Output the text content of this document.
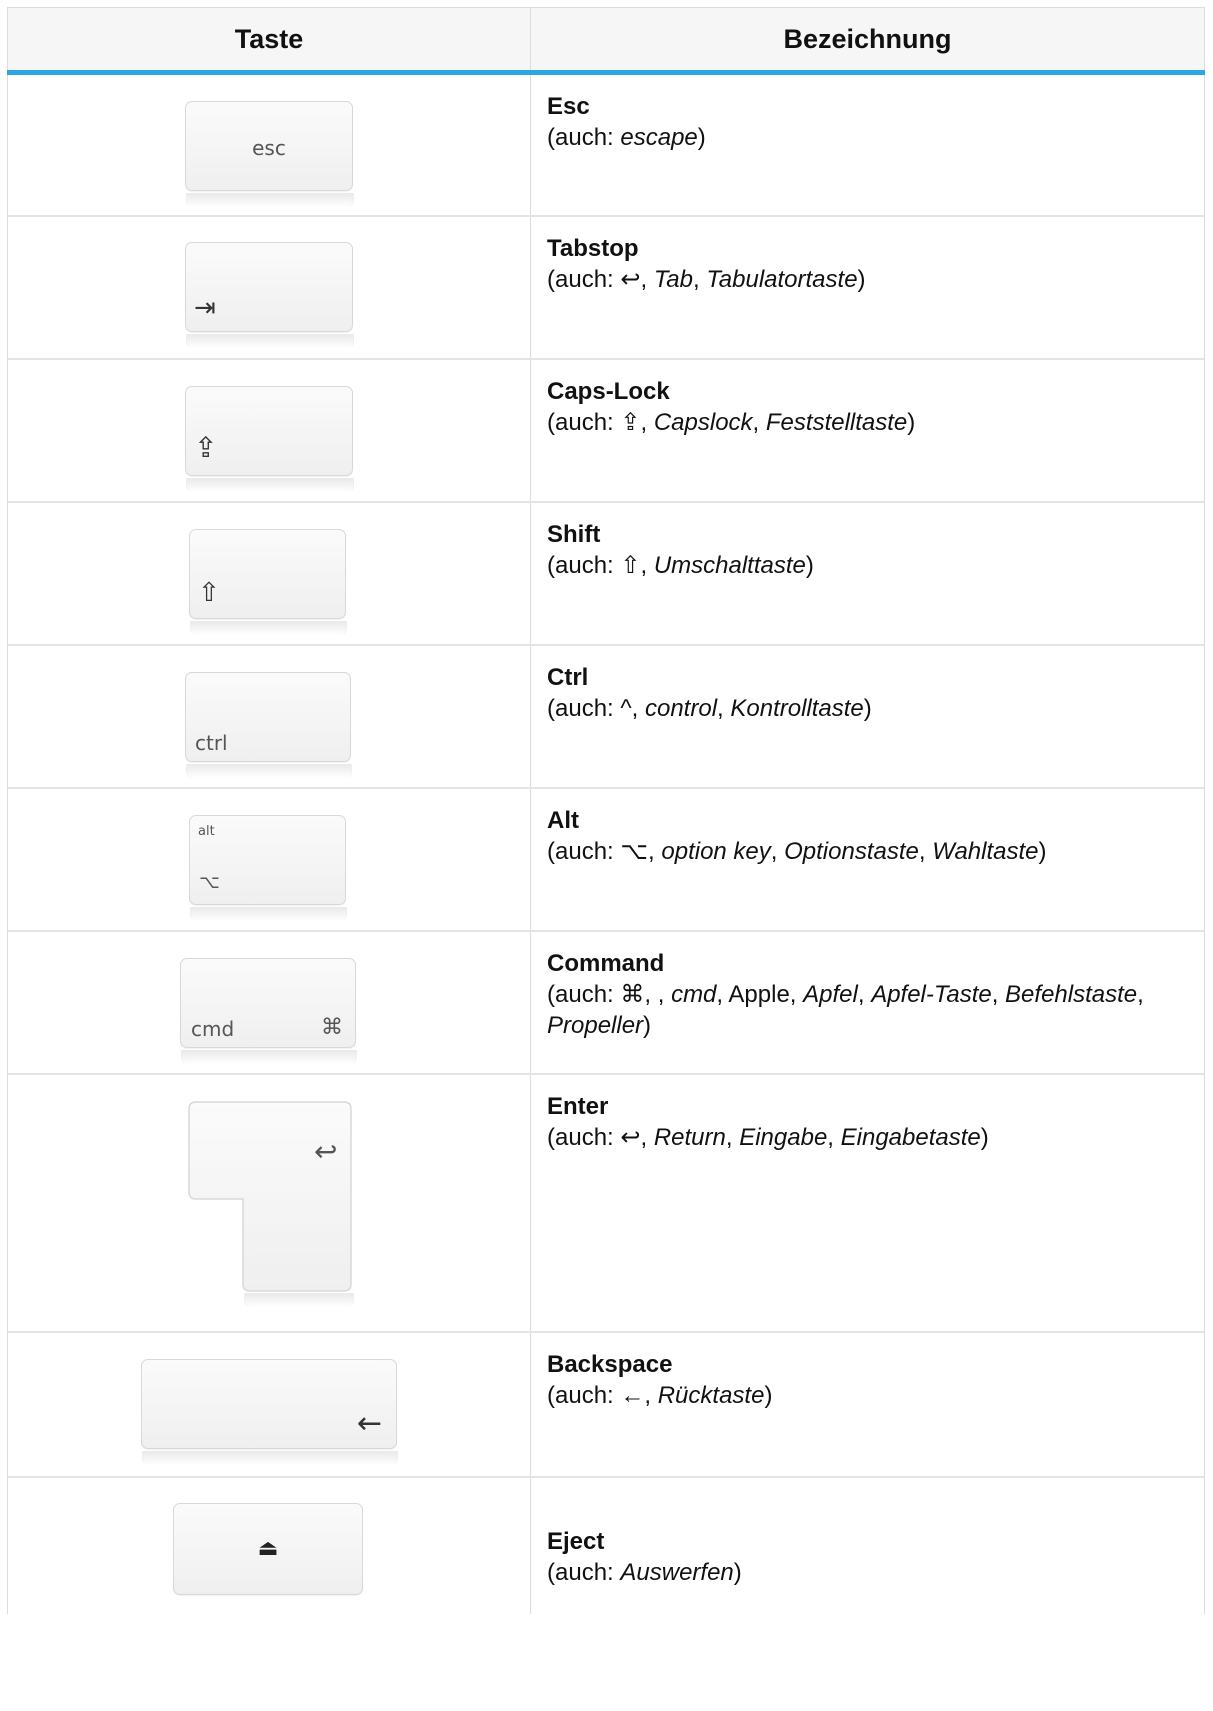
Taste	Bezeichnung
esc
Esc
(auch: escape)
⇥
Tabstop
(auch: ↩, Tab, Tabulatortaste)
⇪
Caps-Lock
(auch: ⇪, Capslock, Feststelltaste)
⇧
Shift
(auch: ⇧, Umschalttaste)
ctrl
Ctrl
(auch: ^, control, Kontrolltaste)
alt
⌥
Alt
(auch: ⌥, option key, Optionstaste, Wahltaste)
cmd	⌘
Command
(auch: ⌘, , cmd, Apple, Apfel, Apfel-Taste, Befehlstaste, Propeller)
↩
Enter
(auch: ↩, Return, Eingabe, Eingabetaste)
←
Backspace
(auch: ←, Rücktaste)
⏏	Eject
(auch: Auswerfen)
